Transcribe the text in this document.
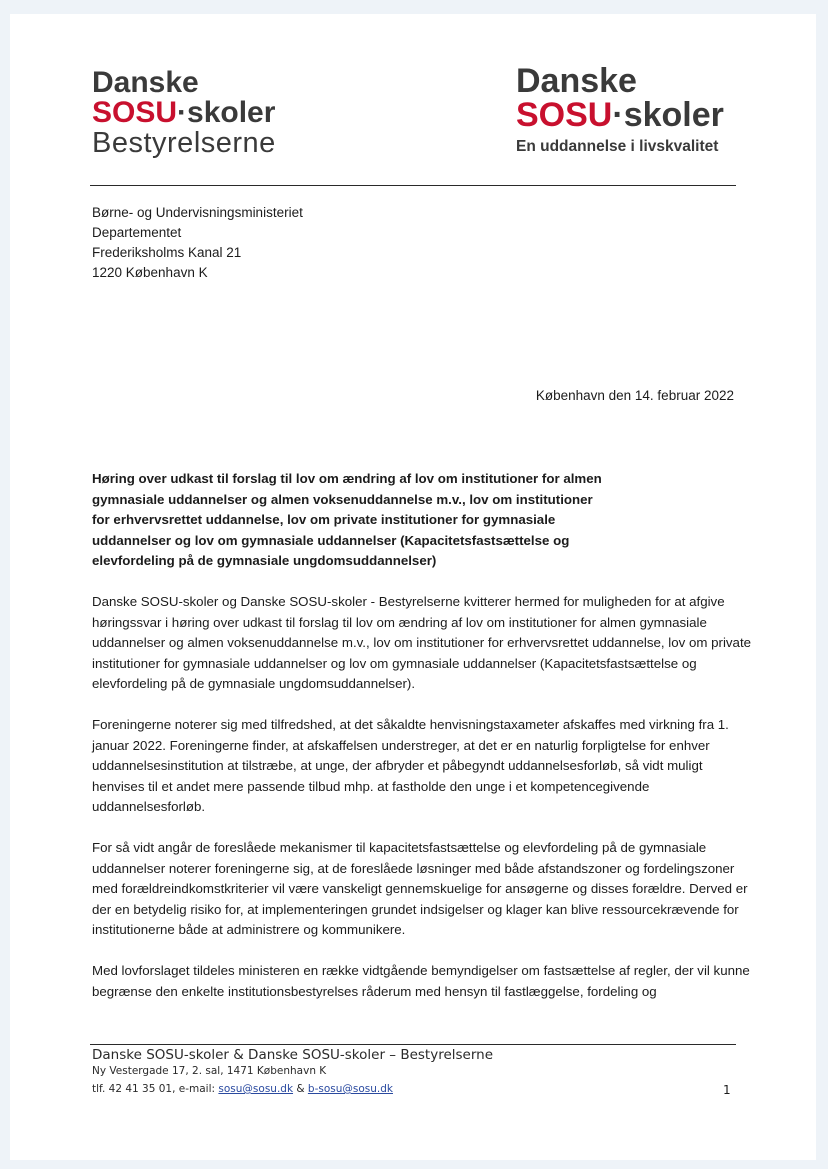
Danske
SOSU·skoler
Bestyrelserne
Danske
SOSU·skoler
En uddannelse i livskvalitet
Børne- og Undervisningsministeriet
Departementet
Frederiksholms Kanal 21
1220 København K
København den 14. februar 2022
Høring over udkast til forslag til lov om ændring af lov om institutioner for almen gymnasiale uddannelser og almen voksenuddannelse m.v., lov om institutioner for erhvervsrettet uddannelse, lov om private institutioner for gymnasiale uddannelser og lov om gymnasiale uddannelser (Kapacitetsfastsættelse og elevfordeling på de gymnasiale ungdomsuddannelser)
Danske SOSU-skoler og Danske SOSU-skoler - Bestyrelserne kvitterer hermed for muligheden for at afgive høringssvar i høring over udkast til forslag til lov om ændring af lov om institutioner for almen gymnasiale uddannelser og almen voksenuddannelse m.v., lov om institutioner for erhvervsrettet uddannelse, lov om private institutioner for gymnasiale uddannelser og lov om gymnasiale uddannelser (Kapacitetsfastsættelse og elevfordeling på de gymnasiale ungdomsuddannelser).
Foreningerne noterer sig med tilfredshed, at det såkaldte henvisningstaxameter afskaffes med virkning fra 1. januar 2022. Foreningerne finder, at afskaffelsen understreger, at det er en naturlig forpligtelse for enhver uddannelsesinstitution at tilstræbe, at unge, der afbryder et påbegyndt uddannelsesforløb, så vidt muligt henvises til et andet mere passende tilbud mhp. at fastholde den unge i et kompetencegivende uddannelsesforløb.
For så vidt angår de foreslåede mekanismer til kapacitetsfastsættelse og elevfordeling på de gymnasiale uddannelser noterer foreningerne sig, at de foreslåede løsninger med både afstandszoner og fordelingszoner med forældreindkomstkriterier vil være vanskeligt gennemskuelige for ansøgerne og disses forældre. Derved er der en betydelig risiko for, at implementeringen grundet indsigelser og klager kan blive ressourcekrævende for institutionerne både at administrere og kommunikere.
Med lovforslaget tildeles ministeren en række vidtgående bemyndigelser om fastsættelse af regler, der vil kunne begrænse den enkelte institutionsbestyrelses råderum med hensyn til fastlæggelse, fordeling og
Danske SOSU-skoler & Danske SOSU-skoler – Bestyrelserne
Ny Vestergade 17, 2. sal, 1471 København K
tlf. 42 41 35 01, e-mail: sosu@sosu.dk & b-sosu@sosu.dk	1
